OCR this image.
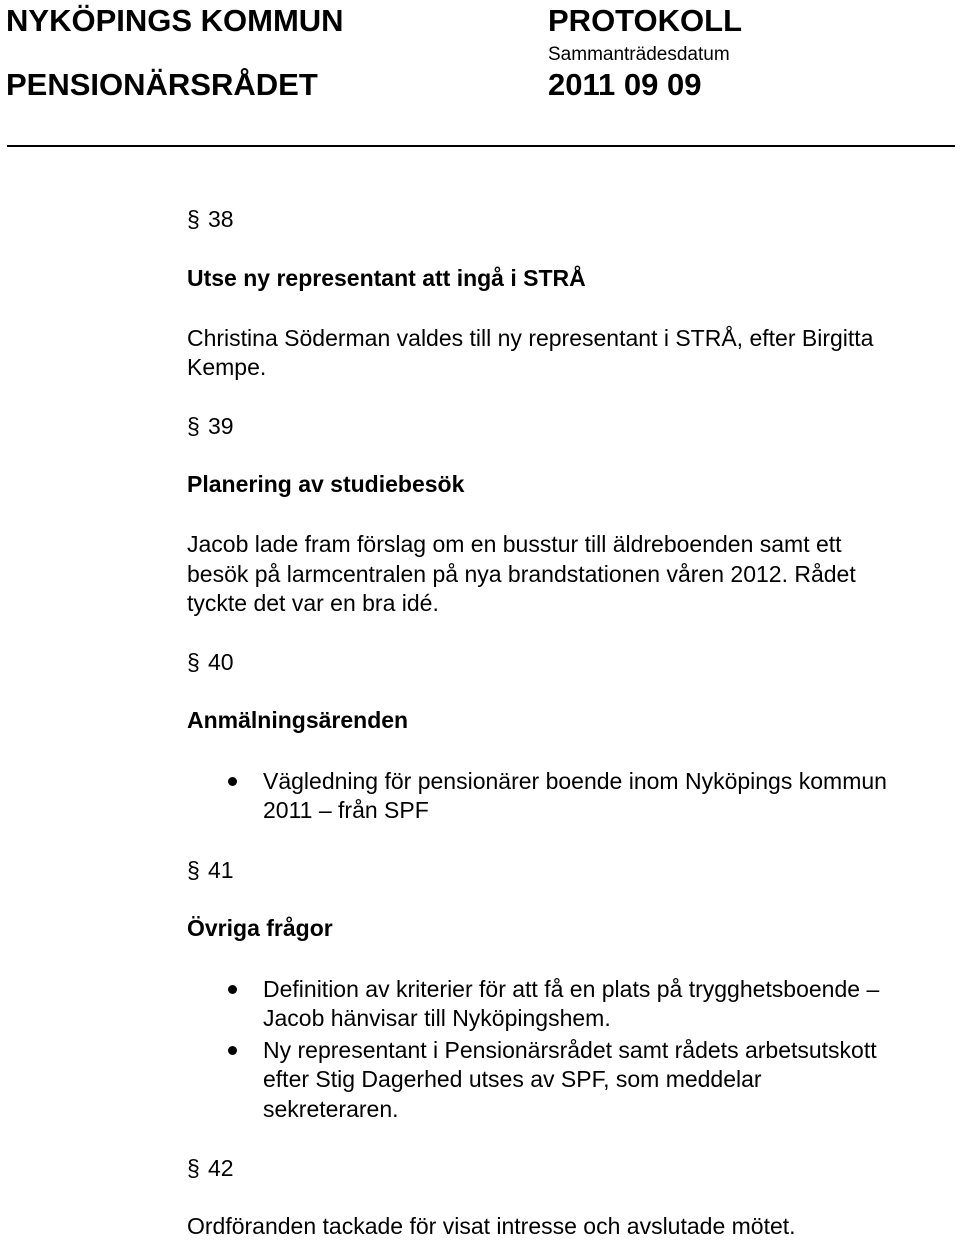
NYKÖPINGS KOMMUN
PENSIONÄRSRÅDET
PROTOKOLL
Sammanträdesdatum
2011 09 09
§ 38
Utse ny representant att ingå i STRÅ
Christina Söderman valdes till ny representant i STRÅ, efter Birgitta
Kempe.
§ 39
Planering av studiebesök
Jacob lade fram förslag om en busstur till äldreboenden samt ett
besök på larmcentralen på nya brandstationen våren 2012. Rådet
tyckte det var en bra idé.
§ 40
Anmälningsärenden
Vägledning för pensionärer boende inom Nyköpings kommun
2011 – från SPF
§ 41
Övriga frågor
Definition av kriterier för att få en plats på trygghetsboende –
Jacob hänvisar till Nyköpingshem.
Ny representant i Pensionärsrådet samt rådets arbetsutskott
efter Stig Dagerhed utses av SPF, som meddelar
sekreteraren.
§ 42
Ordföranden tackade för visat intresse och avslutade mötet.
